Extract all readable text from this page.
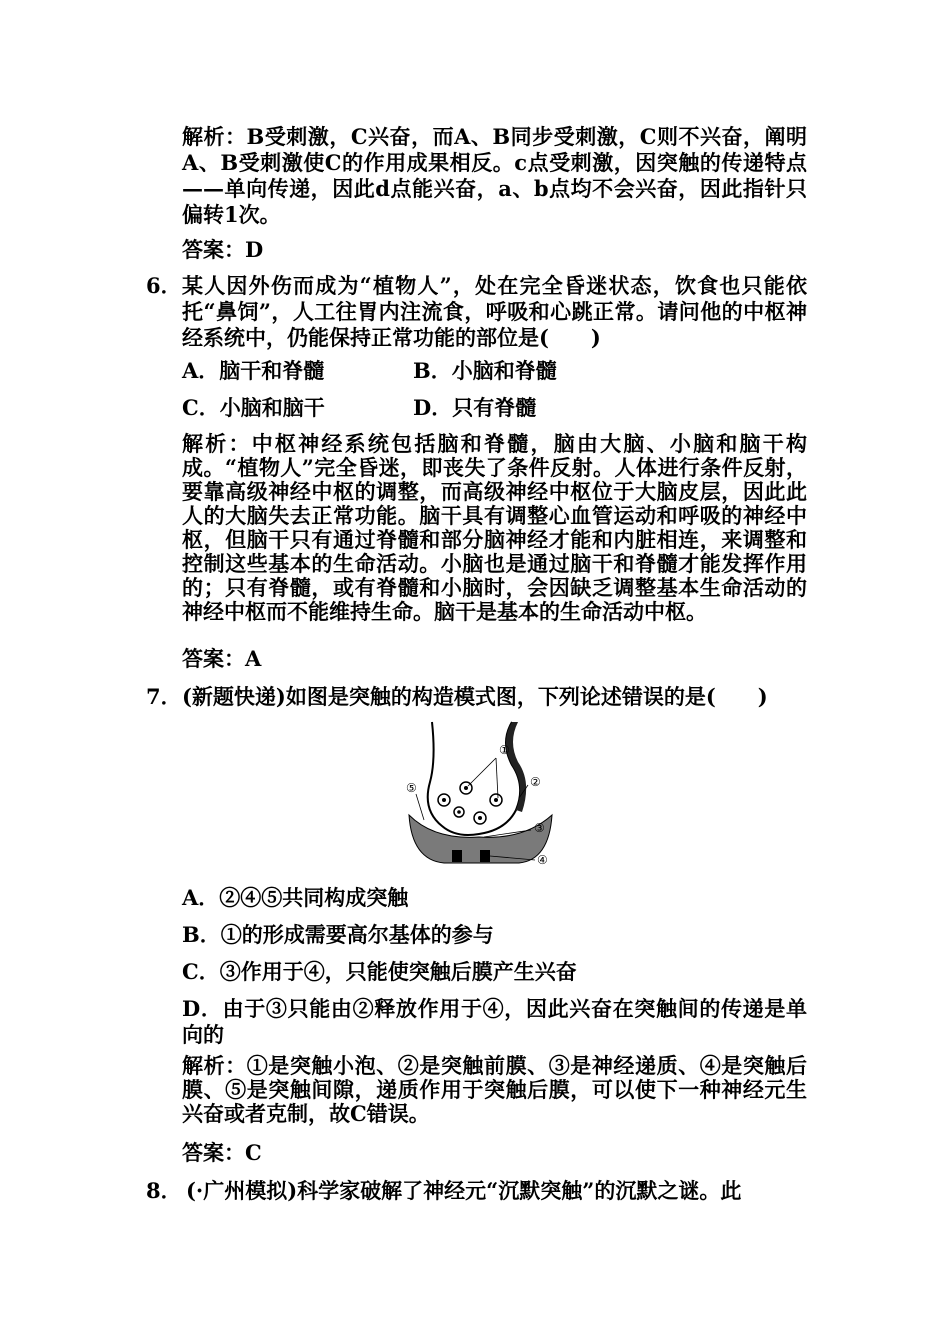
解析：B受刺激，C兴奋，而A、B同步受刺激，C则不兴奋，阐明A、B受刺激使C的作用成果相反。c点受刺激，因突触的传递特点——单向传递，因此d点能兴奋，a、b点均不会兴奋，因此指针只偏转1次。
答案：D
6． 某人因外伤而成为“植物人”，处在完全昏迷状态，饮食也只能依托“鼻饲”，人工往胃内注流食，呼吸和心跳正常。请问他的中枢神经系统中，仍能保持正常功能的部位是(　　)
A．脑干和脊髓	B．小脑和脊髓
C．小脑和脑干	D．只有脊髓
解析：中枢神经系统包括脑和脊髓，脑由大脑、小脑和脑干构成。“植物人”完全昏迷，即丧失了条件反射。人体进行条件反射，要靠高级神经中枢的调整，而高级神经中枢位于大脑皮层，因此此人的大脑失去正常功能。脑干具有调整心血管运动和呼吸的神经中枢，但脑干只有通过脊髓和部分脑神经才能和内脏相连，来调整和控制这些基本的生命活动。小脑也是通过脑干和脊髓才能发挥作用的；只有脊髓，或有脊髓和小脑时，会因缺乏调整基本生命活动的神经中枢而不能维持生命。脑干是基本的生命活动中枢。
答案：A
7． (新题快递)如图是突触的构造模式图，下列论述错误的是(　　)
①
②
③
④
⑤
A．②④⑤共同构成突触
B．①的形成需要高尔基体的参与
C．③作用于④，只能使突触后膜产生兴奋
D．由于③只能由②释放作用于④，因此兴奋在突触间的传递是单向的
解析：①是突触小泡、②是突触前膜、③是神经递质、④是突触后膜、⑤是突触间隙，递质作用于突触后膜，可以使下一种神经元生兴奋或者克制，故C错误。
答案：C
8． (·广州模拟)科学家破解了神经元“沉默突触”的沉默之谜。此
